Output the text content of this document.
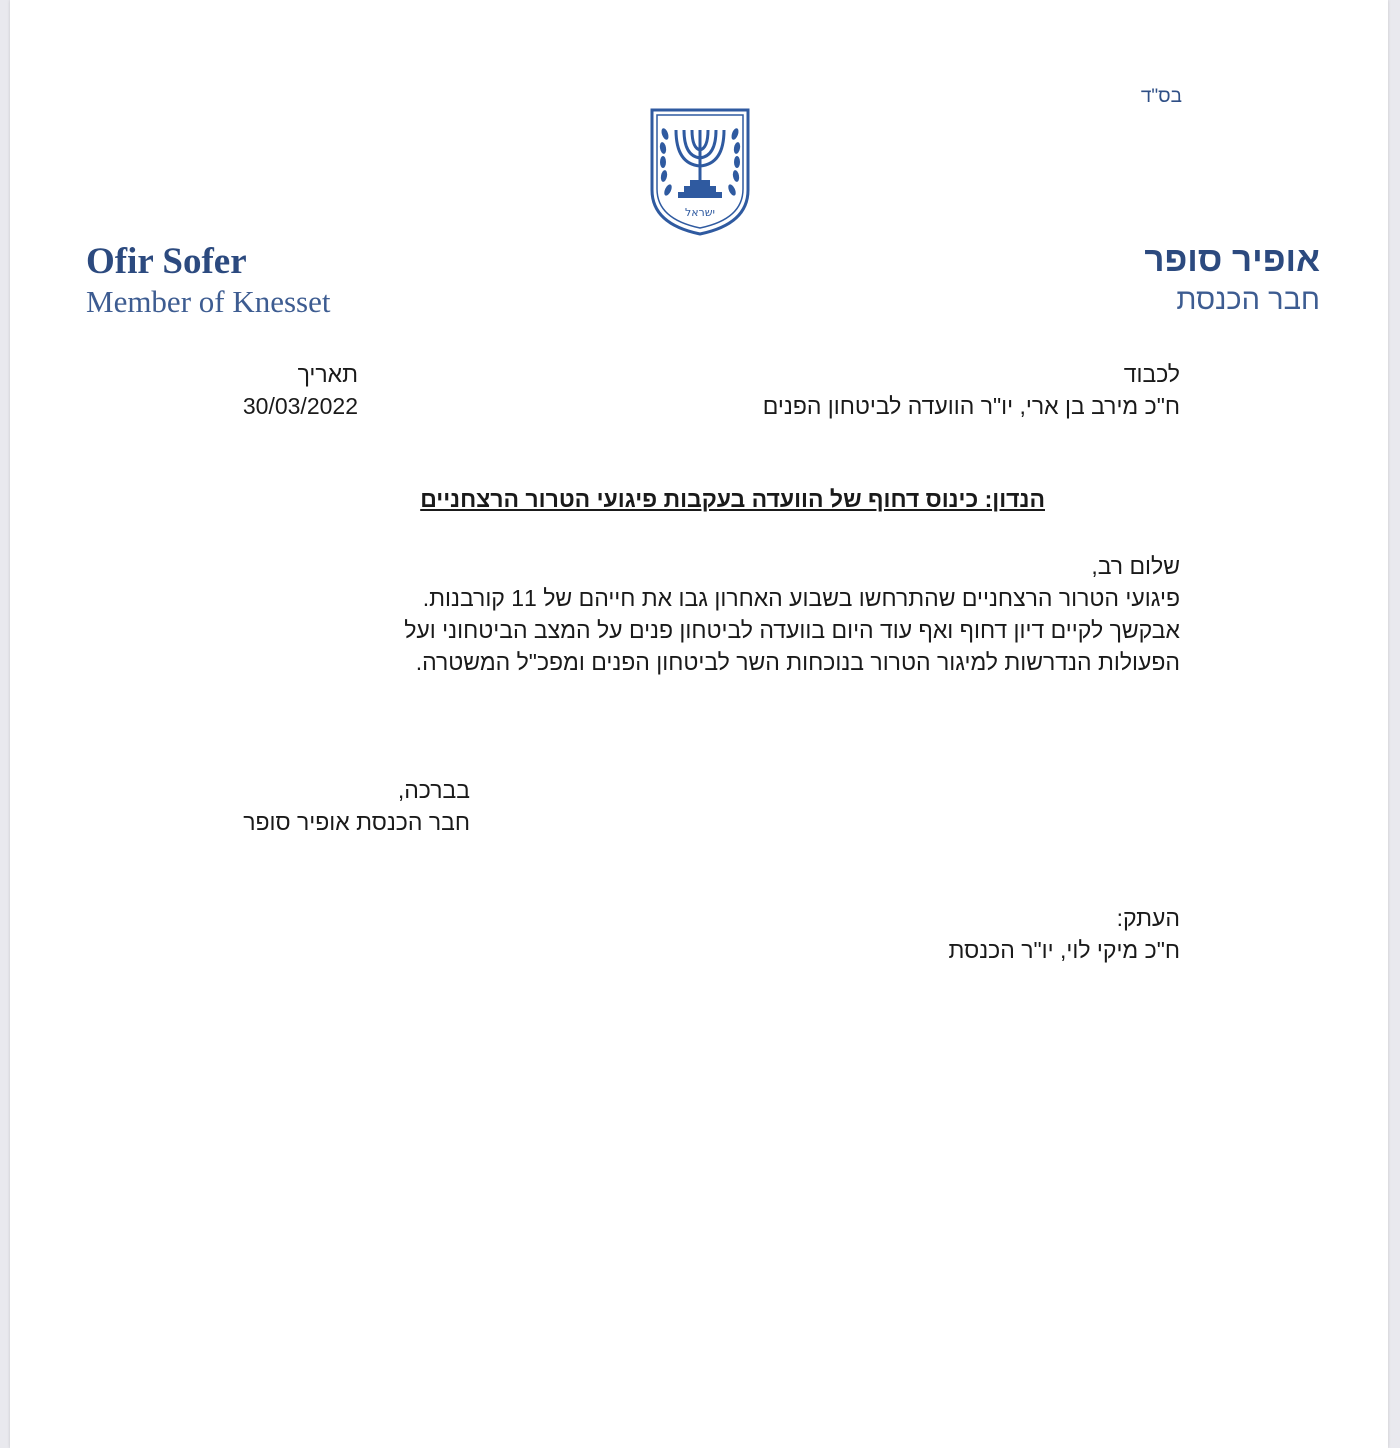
בס"ד
ישראל
Ofir Sofer
Member of Knesset
אופיר סופר
חבר הכנסת
לכבוד
ח"כ מירב בן ארי, יו"ר הוועדה לביטחון הפנים
תאריך
30/03/2022
הנדון: כינוס דחוף של הוועדה בעקבות פיגועי הטרור הרצחניים
שלום רב,
פיגועי הטרור הרצחניים שהתרחשו בשבוע האחרון גבו את חייהם של 11 קורבנות.
אבקשך לקיים דיון דחוף ואף עוד היום בוועדה לביטחון פנים על המצב הביטחוני ועל
הפעולות הנדרשות למיגור הטרור בנוכחות השר לביטחון הפנים ומפכ"ל המשטרה.
בברכה,
חבר הכנסת אופיר סופר
העתק:
ח"כ מיקי לוי, יו"ר הכנסת
